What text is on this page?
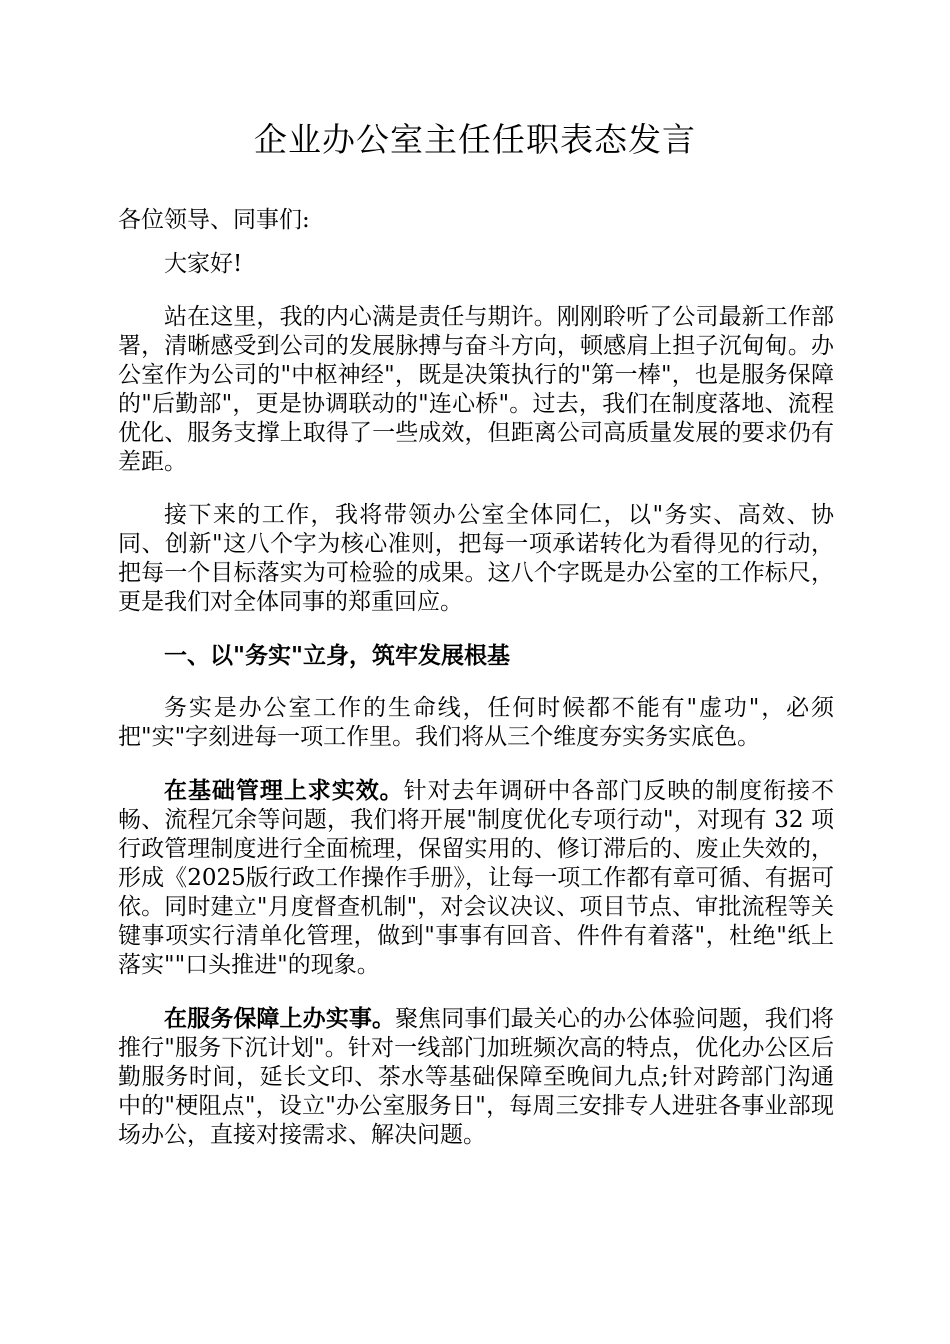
企业办公室主任任职表态发言

各位领导、同事们:

大家好!

站在这里，我的内心满是责任与期许。刚刚聆听了公司最新工作部署，清晰感受到公司的发展脉搏与奋斗方向，顿感肩上担子沉甸甸。办公室作为公司的"中枢神经"，既是决策执行的"第一棒"，也是服务保障的"后勤部"，更是协调联动的"连心桥"。过去，我们在制度落地、流程优化、服务支撑上取得了一些成效，但距离公司高质量发展的要求仍有差距。

接下来的工作，我将带领办公室全体同仁，以"务实、高效、协同、创新"这八个字为核心准则，把每一项承诺转化为看得见的行动，把每一个目标落实为可检验的成果。这八个字既是办公室的工作标尺，更是我们对全体同事的郑重回应。

一、以"务实"立身，筑牢发展根基

务实是办公室工作的生命线，任何时候都不能有"虚功"，必须把"实"字刻进每一项工作里。我们将从三个维度夯实务实底色。

在基础管理上求实效。针对去年调研中各部门反映的制度衔接不畅、流程冗余等问题，我们将开展"制度优化专项行动"，对现有 32 项行政管理制度进行全面梳理，保留实用的、修订滞后的、废止失效的，形成《2025版行政工作操作手册》，让每一项工作都有章可循、有据可依。同时建立"月度督查机制"，对会议决议、项目节点、审批流程等关键事项实行清单化管理，做到"事事有回音、件件有着落"，杜绝"纸上落实""口头推进"的现象。

在服务保障上办实事。聚焦同事们最关心的办公体验问题，我们将推行"服务下沉计划"。针对一线部门加班频次高的特点，优化办公区后勤服务时间，延长文印、茶水等基础保障至晚间九点;针对跨部门沟通中的"梗阻点"，设立"办公室服务日"，每周三安排专人进驻各事业部现场办公，直接对接需求、解决问题。
